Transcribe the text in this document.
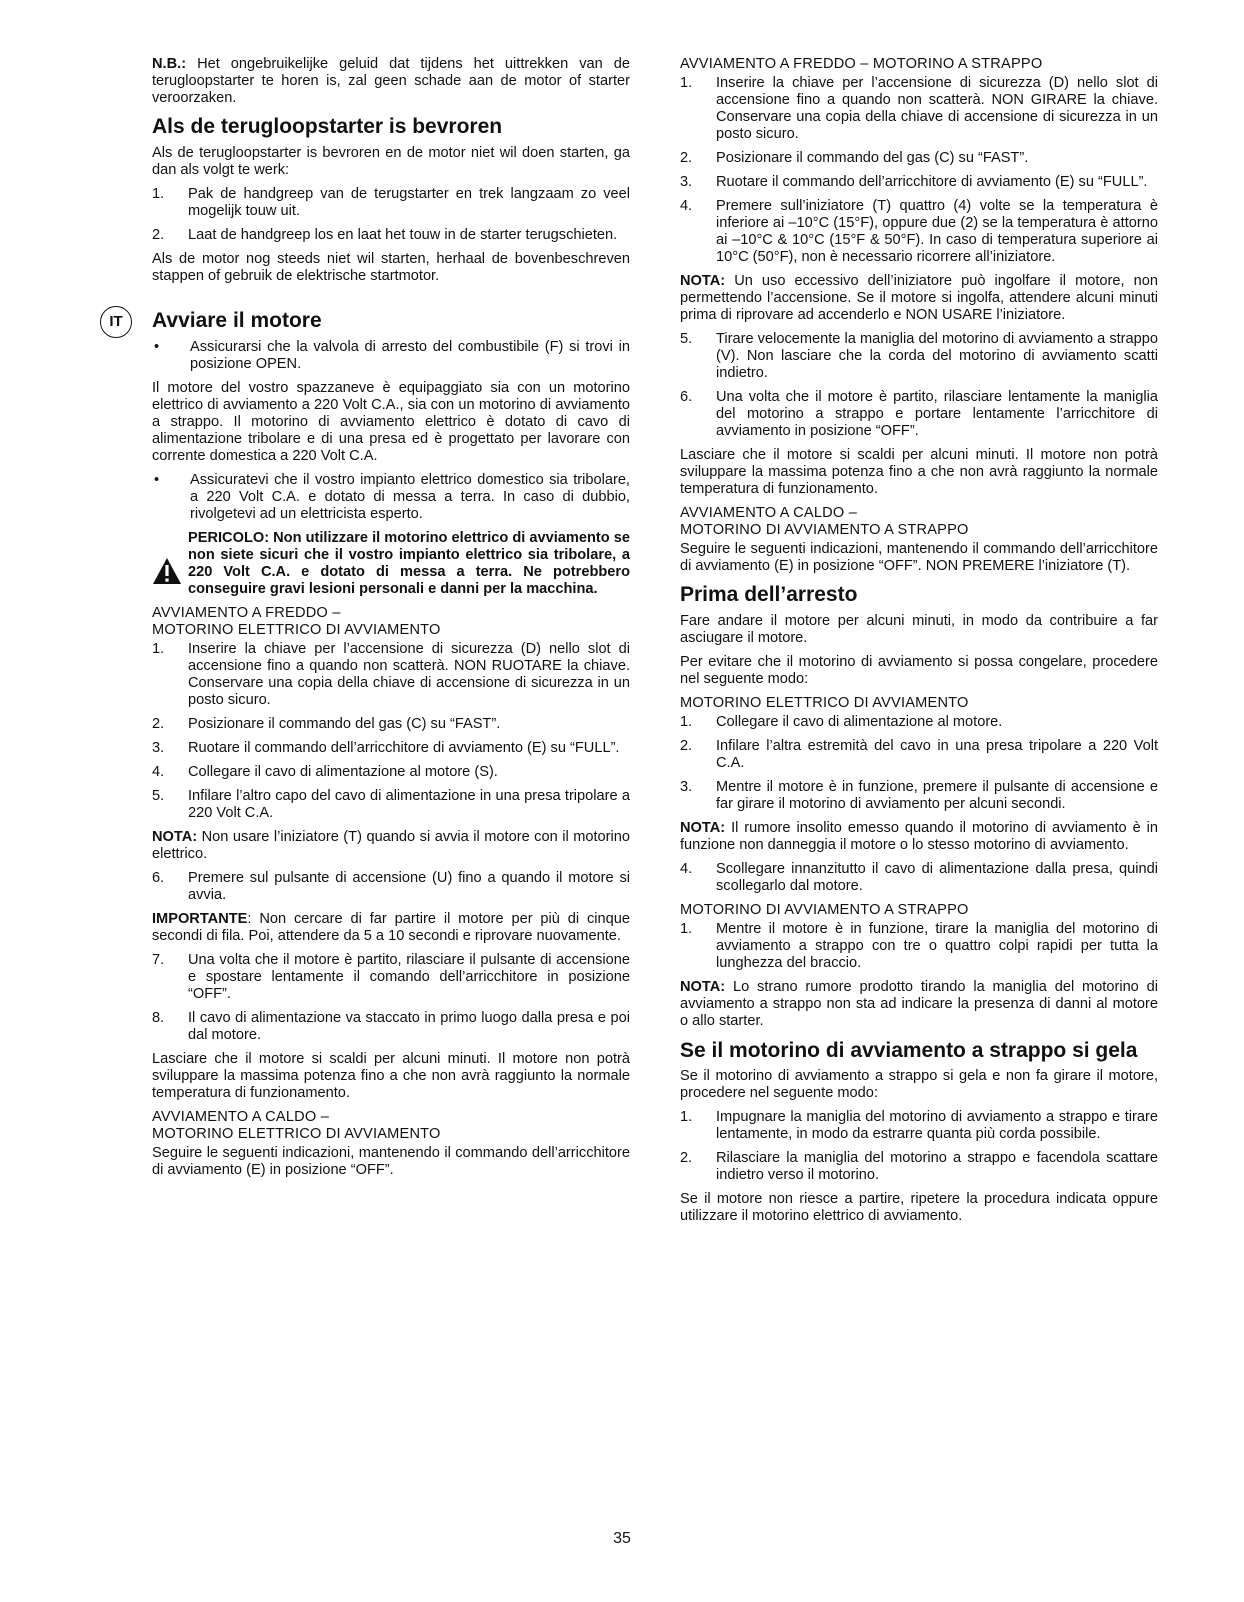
N.B.: Het ongebruikelijke geluid dat tijdens het uittrekken van de terugloopstarter te horen is, zal geen schade aan de motor of starter veroorzaken.

Als de terugloopstarter is bevroren

Als de terugloopstarter is bevroren en de motor niet wil doen starten, ga dan als volgt te werk:

1.	Pak de handgreep van de terugstarter en trek langzaam zo veel mogelijk touw uit.
2.	Laat de handgreep los en laat het touw in de starter terugschieten.

Als de motor nog steeds niet wil starten, herhaal de bovenbeschreven stappen of gebruik de elektrische startmotor.

IT	Avviare il motore
•	Assicurarsi che la valvola di arresto del combustibile (F) si trovi in posizione OPEN.

Il motore del vostro spazzaneve è equipaggiato sia con un motorino elettrico di avviamento a 220 Volt C.A., sia con un motorino di avviamento a strappo. Il motorino di avviamento elettrico è dotato di cavo di alimentazione tribolare e di una presa ed è progettato per lavorare con corrente domestica a 220 Volt C.A.

•	Assicuratevi che il vostro impianto elettrico domestico sia tribolare, a 220 Volt C.A. e dotato di messa a terra. In caso di dubbio, rivolgetevi ad un elettricista esperto.
PERICOLO: Non utilizzare il motorino elettrico di avviamento se non siete sicuri che il vostro impianto elettrico sia tribolare, a 220 Volt C.A. e dotato di messa a terra. Ne potrebbero conseguire gravi lesioni personali e danni per la macchina.
AVVIAMENTO A FREDDO –
MOTORINO ELETTRICO DI AVVIAMENTO
1.	Inserire la chiave per l’accensione di sicurezza (D) nello slot di accensione fino a quando non scatterà. NON RUOTARE la chiave. Conservare una copia della chiave di accensione di sicurezza in un posto sicuro.
2.	Posizionare il commando del gas (C) su “FAST”.
3.	Ruotare il commando dell’arricchitore di avviamento (E) su “FULL”.
4.	Collegare il cavo di alimentazione al motore (S).
5.	Infilare l’altro capo del cavo di alimentazione in una presa tripolare a 220 Volt C.A.

NOTA: Non usare l’iniziatore (T) quando si avvia il motore con il motorino elettrico.

6.	Premere sul pulsante di accensione (U) fino a quando il motore si avvia.

IMPORTANTE: Non cercare di far partire il motore per più di cinque secondi di fila. Poi, attendere da 5 a 10 secondi e riprovare nuovamente.

7.	Una volta che il motore è partito, rilasciare il pulsante di accensione e spostare lentamente il comando dell’arricchitore in posizione “OFF”.
8.	Il cavo di alimentazione va staccato in primo luogo dalla presa e poi dal motore.

Lasciare che il motore si scaldi per alcuni minuti. Il motore non potrà sviluppare la massima potenza fino a che non avrà raggiunto la normale temperatura di funzionamento.

AVVIAMENTO A CALDO –
MOTORINO ELETTRICO DI AVVIAMENTO

Seguire le seguenti indicazioni, mantenendo il commando dell’arricchitore di avviamento (E) in posizione “OFF”.

AVVIAMENTO A FREDDO – MOTORINO A STRAPPO
1.	Inserire la chiave per l’accensione di sicurezza (D) nello slot di accensione fino a quando non scatterà. NON GIRARE la chiave. Conservare una copia della chiave di accensione di sicurezza in un posto sicuro.
2.	Posizionare il commando del gas (C) su “FAST”.
3.	Ruotare il commando dell’arricchitore di avviamento (E) su “FULL”.
4.	Premere sull’iniziatore (T) quattro (4) volte se la temperatura è inferiore ai –10°C (15°F), oppure due (2) se la temperatura è attorno ai –10°C & 10°C (15°F & 50°F). In caso di temperatura superiore ai 10°C (50°F), non è necessario ricorrere all’iniziatore.

NOTA: Un uso eccessivo dell’iniziatore può ingolfare il motore, non permettendo l’accensione. Se il motore si ingolfa, attendere alcuni minuti prima di riprovare ad accenderlo e NON USARE l’iniziatore.

5.	Tirare velocemente la maniglia del motorino di avviamento a strappo (V). Non lasciare che la corda del motorino di avviamento scatti indietro.
6.	Una volta che il motore è partito, rilasciare lentamente la maniglia del motorino a strappo e portare lentamente l’arricchitore di avviamento in posizione “OFF”.

Lasciare che il motore si scaldi per alcuni minuti. Il motore non potrà sviluppare la massima potenza fino a che non avrà raggiunto la normale temperatura di funzionamento.

AVVIAMENTO A CALDO –
MOTORINO DI AVVIAMENTO A STRAPPO

Seguire le seguenti indicazioni, mantenendo il commando dell’arricchitore di avviamento (E) in posizione “OFF”. NON PREMERE l’iniziatore (T).

Prima dell’arresto

Fare andare il motore per alcuni minuti, in modo da contribuire a far asciugare il motore.

Per evitare che il motorino di avviamento si possa congelare, procedere nel seguente modo:

MOTORINO ELETTRICO DI AVVIAMENTO
1.	Collegare il cavo di alimentazione al motore.
2.	Infilare l’altra estremità del cavo in una presa tripolare a 220 Volt C.A.
3.	Mentre il motore è in funzione, premere il pulsante di accensione e far girare il motorino di avviamento per alcuni secondi.

NOTA: Il rumore insolito emesso quando il motorino di avviamento è in funzione non danneggia il motore o lo stesso motorino di avviamento.

4.	Scollegare innanzitutto il cavo di alimentazione dalla presa, quindi scollegarlo dal motore.
MOTORINO DI AVVIAMENTO A STRAPPO
1.	Mentre il motore è in funzione, tirare la maniglia del motorino di avviamento a strappo con tre o quattro colpi rapidi per tutta la lunghezza del braccio.

NOTA: Lo strano rumore prodotto tirando la maniglia del motorino di avviamento a strappo non sta ad indicare la presenza di danni al motore o allo starter.

Se il motorino di avviamento a strappo si gela

Se il motorino di avviamento a strappo si gela e non fa girare il motore, procedere nel seguente modo:

1.	Impugnare la maniglia del motorino di avviamento a strappo e tirare lentamente, in modo da estrarre quanta più corda possibile.
2.	Rilasciare la maniglia del motorino a strappo e facendola scattare indietro verso il motorino.

Se il motore non riesce a partire, ripetere la procedura indicata oppure utilizzare il motorino elettrico di avviamento.

35
